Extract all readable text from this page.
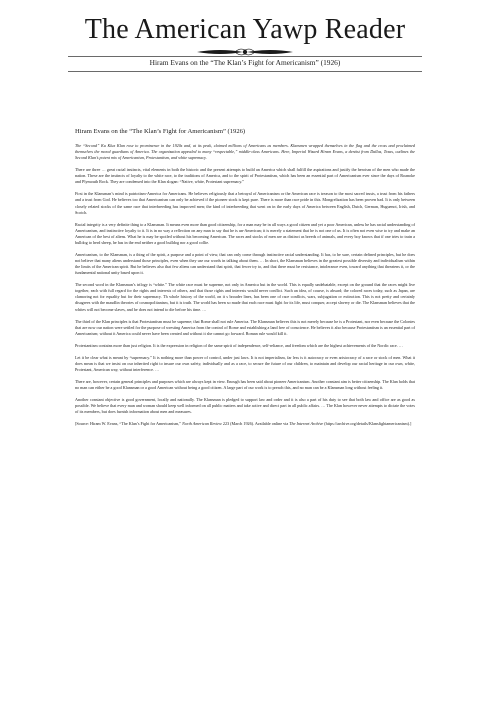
The American Yawp Reader
Hiram Evans on the “The Klan’s Fight for Americanism” (1926)
Hiram Evans on the “The Klan’s Fight for Americanism” (1926)

The “Second” Ku Klux Klan rose to prominence in the 1920s and, at its peak, claimed millions of Americans as members. Klansmen wrapped themselves in the flag and the cross and proclaimed themselves the moral guardians of America. The organization appealed to many “respectable,” middle-class Americans. Here, Imperial Wizard Hiram Evans, a dentist from Dallas, Texas, outlines the Second Klan’s potent mix of Americanism, Protestantism, and white supremacy.

There are three … great racial instincts, vital elements in both the historic and the present attempts to build an America which shall fulfill the aspirations and justify the heroism of the men who made the nation. These are the instincts of loyalty to the white race, to the traditions of America, and to the spirit of Protestantism, which has been an essential part of Americanism ever since the days of Roanoke and Plymouth Rock. They are condensed into the Klan slogan: “Native, white, Protestant supremacy.”

First in the Klansman’s mind is patriotism-America for Americans. He believes religiously that a betrayal of Americanism or the American race is treason to the most sacred trusts, a trust from his fathers and a trust from God. He believes too that Americanism can only be achieved if the pioneer stock is kept pure. There is more than race pride in this. Mongrelization has been proven bad. It is only between closely related stocks of the same race that interbreeding has improved men; the kind of interbreeding that went on in the early days of America between English, Dutch, German, Huguenot, Irish, and Scotch.

Racial integrity is a very definite thing to a Klansman. It means even more than good citizenship, for a man may be in all ways a good citizen and yet a poor American, unless he has racial understanding of Americanism, and instinctive loyalty to it. It is in no way a reflection on any man to say that he is un-American; it is merely a statement that he is not one of us. It is often not even wise to try and make an American of the best of aliens. What he is may be spoiled without his becoming American. The races and stocks of men are as distinct as breeds of animals, and every boy knows that if one tries to train a bulldog to herd sheep, he has in the end neither a good bulldog nor a good collie.

Americanism, to the Klansman, is a thing of the spirit, a purpose and a point of view, that can only come through instinctive racial understanding. It has, to be sure, certain defined principles, but he does not believe that many aliens understand those principles, even when they use our words in talking about them. … In short, the Klansman believes in the greatest possible diversity and individualism within the limits of the American spirit. But he believes also that few aliens can understand that spirit, that fewer try to, and that there must be resistance, intolerance even, toward anything that threatens it, or the fundamental national unity based upon it.

The second word in the Klansman’s trilogy is “white.” The white race must be supreme, not only in America but in the world. This is equally undebatable, except on the ground that the races might live together, each with full regard for the rights and interests of others, and that those rights and interests would never conflict. Such an idea, of course, is absurd; the colored races today, such as Japan, are clamoring not for equality but for their supremacy. Th whole history of the world, on it s broader lines, has been one of race conflicts, wars, subjugation or extinction. This is not pretty and certainly disagrees with the maudlin theories of cosmopolitanism, but it is truth. The world has been so made that each race must fight for its life, must conquer, accept slavery or die. The Klansman believes that the whites will not become slaves, and he does not intend to die before his time. …

The third of the Klan principles is that Protestantism must be supreme; that Rome shall not rule America. The Klansman believes this is not merely because he is a Protestant, nor even because the Colonies that are now our nation were settled for the purpose of wresting America from the control of Rome and establishing a land free of conscience. He believes it also because Protestantism is an essential part of Americanism; without it America could never have been created and without it she cannot go forward. Roman rule would kill it.

Protestantism contains more than just religion. It is the expression in religion of the same spirit of independence, self-reliance, and freedom which are the highest achievements of the Nordic race. …

Let it be clear what is meant by “supremacy.” It is nothing more than power of control, under just laws. It is not imperialism, far less is it autocracy or even aristocracy of a race or stock of men. What it does mean is that we insist on our inherited right to insure our own safety, individually and as a race, to secure the future of our children, to maintain and develop our racial heritage in our own, white, Protestant, American way, without interference. …

There are, however, certain general principles and purposes which are always kept in view. Enough has been said about pioneer Americanism. Another constant aim is better citizenship. The Klan holds that no man can either be a good Klansman or a good American without being a good citizen. A large part of our work is to preach this, and no man can be a Klansman long without feeling it.

Another constant objective is good government, locally and nationally. The Klansman is pledged to support law and order and it is also a part of his duty to see that both law and office are as good as possible. We believe that every man and woman should keep well informed on all public matters and take active and direct part in all public affairs. … The Klan however never attempts to dictate the votes of its members, but does furnish information about men and measures.

[Source: Hiram W. Evans, “The Klan’s Fight for Americanism,” North American Review 223 (March 1926). Available online via The Internet Archive (https://archive.org/details/Klansfightamericanism).]
